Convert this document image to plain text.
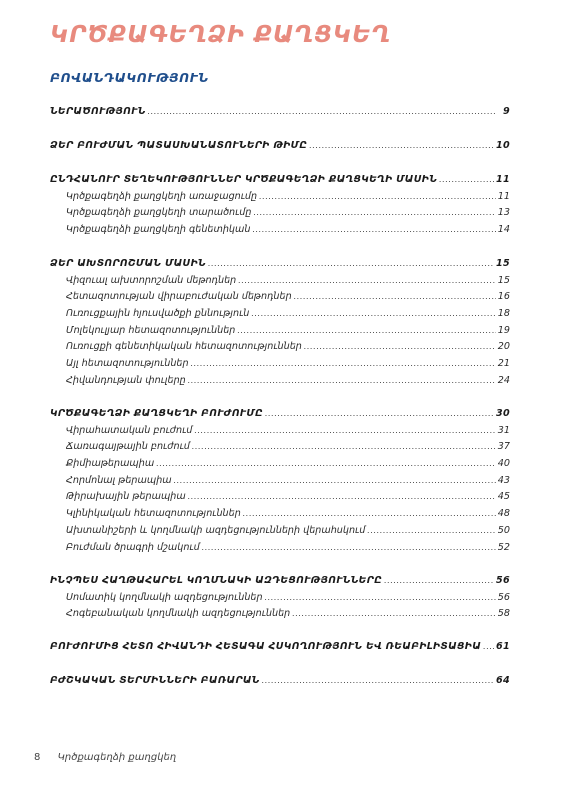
ԿՐԾՔԱԳԵՂՁԻ ՔԱՂՑԿԵՂ
ԲՈՎԱՆԴԱԿՈՒԹՅՈՒՆ
ՆԵՐԱԾՈՒԹՅՈՒՆ .....	9
ՁԵՐ ԲՈՒԺՄԱՆ ՊԱՏԱՍԽԱՆԱՏՈՒՆԵՐԻ ԹԻՄԸ .....	10
ԸՆԴՀԱՆՈՒՐ ՏԵՂԵԿՈՒԹՅՈՒՆՆԵՐ ԿՐԾՔԱԳԵՂՁԻ ՔԱՂՑԿԵՂԻ ՄԱՍԻՆ .....	11
Կրծքագեղձի քաղցկեղի առաջացումը .....	11
Կրծքագեղձի քաղցկեղի տարածումը .....	13
Կրծքագեղձի քաղցկեղի գենետիկան .....	14
ՁԵՐ ԱԽՏՈՐՈՇՄԱՆ ՄԱՍԻՆ .....	15
Վիզուալ ախտորոշման մեթոդներ .....	15
Հետազոտության վիրաբուժական մեթոդներ .....	16
Ուռուցքային հյուսվածքի քննություն .....	18
Մոլեկուլյար հետազոտություններ .....	19
Ուռուցքի գենետիկական հետազոտություններ .....	20
Այլ հետազոտություններ .....	21
Հիվանդության փուլերը .....	24
ԿՐԾՔԱԳԵՂՁԻ ՔԱՂՑԿԵՂԻ ԲՈՒԺՈՒՄԸ .....	30
Վիրահատական բուժում .....	31
Ճառագայթային բուժում .....	37
Քիմիաթերապիա .....	40
Հորմոնալ թերապիա .....	43
Թիրախային թերապիա .....	45
Կլինիկական հետազոտություններ .....	48
Ախտանիշերի և կողմնակի ազդեցությունների վերահսկում .....	50
Բուժման ծրագրի մշակում .....	52
ԻՆՉՊԵՍ ՀԱՂԹԱՀԱՐԵԼ ԿՈՂՄՆԱԿԻ ԱԶԴԵՑՈՒԹՅՈՒՆՆԵՐԸ .....	56
Սոմատիկ կողմնակի ազդեցություններ .....	56
Հոգեբանական կողմնակի ազդեցություններ .....	58
ԲՈՒԺՈՒՄԻՑ ՀԵՏՈ ՀԻՎԱՆԴԻ ՀԵՏԱԳԱ ՀՍԿՈՂՈՒԹՅՈՒՆ ԵՎ ՌԵԱԲԻԼԻՏԱՑԻԱ ..... 61
ԲԺՇԿԱԿԱՆ ՏԵՐՄԻՆՆԵՐԻ ԲԱՌԱՐԱՆ .....	64
8 Կրծքագեղձի քաղցկեղ
